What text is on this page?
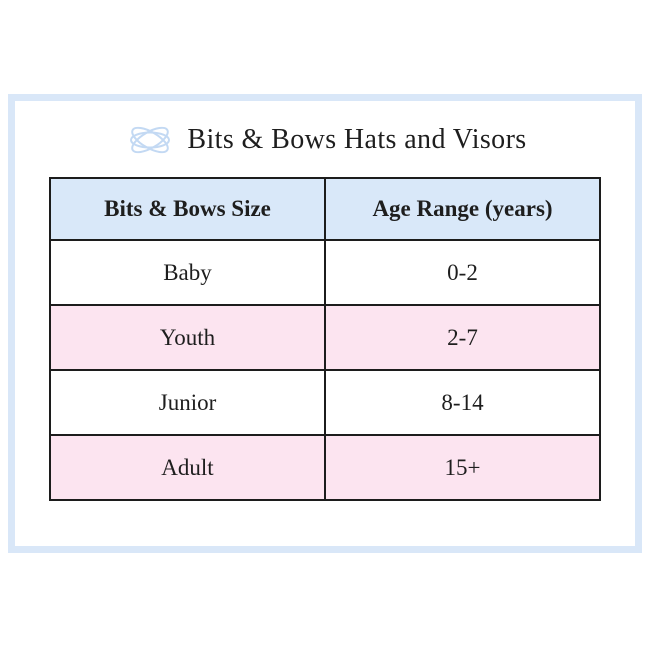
Bits & Bows Hats and Visors
Bits & Bows Size	Age Range (years)
Baby	0-2
Youth	2-7
Junior	8-14
Adult	15+
